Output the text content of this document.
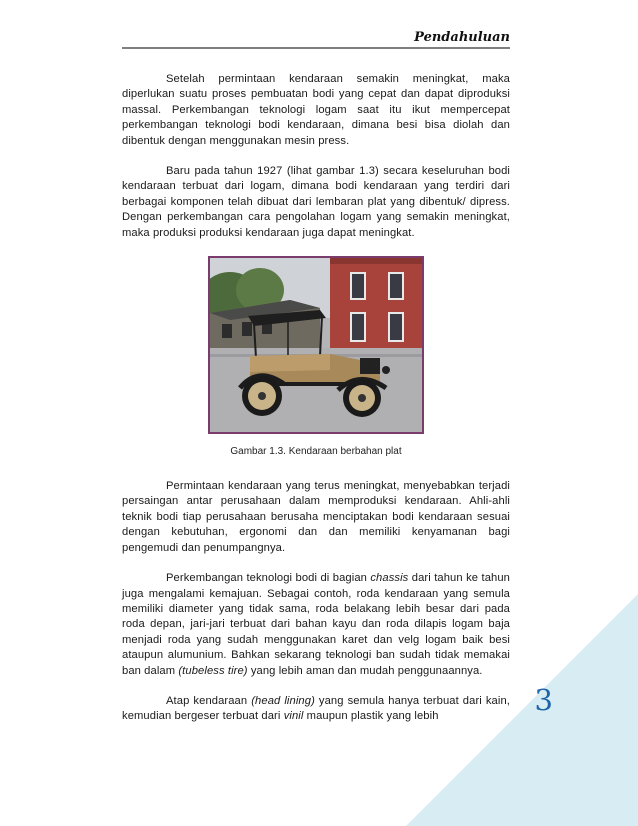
Pendahuluan

Setelah permintaan kendaraan semakin meningkat, maka diperlukan suatu proses pembuatan bodi yang cepat dan dapat diproduksi massal. Perkembangan teknologi logam saat itu ikut mempercepat perkembangan teknologi bodi kendaraan, dimana besi bisa diolah dan dibentuk dengan menggunakan mesin press.

Baru pada tahun 1927 (lihat gambar 1.3) secara keseluruhan bodi kendaraan terbuat dari logam, dimana bodi kendaraan yang terdiri dari berbagai komponen telah dibuat dari lembaran plat yang dibentuk/ dipress. Dengan perkembangan cara pengolahan logam yang semakin meningkat, maka produksi produksi kendaraan juga dapat meningkat.

Gambar 1.3. Kendaraan berbahan plat

Permintaan kendaraan yang terus meningkat, menyebabkan terjadi persaingan antar perusahaan dalam memproduksi kendaraan. Ahli-ahli teknik bodi tiap perusahaan berusaha menciptakan bodi kendaraan sesuai dengan kebutuhan, ergonomi dan dan memiliki kenyamanan bagi pengemudi dan penumpangnya.

Perkembangan teknologi bodi di bagian chassis dari tahun ke tahun juga mengalami kemajuan. Sebagai contoh, roda kendaraan yang semula memiliki diameter yang tidak sama, roda belakang lebih besar dari pada roda depan, jari-jari terbuat dari bahan kayu dan roda dilapis logam baja menjadi roda yang sudah menggunakan karet dan velg logam baik besi ataupun alumunium. Bahkan sekarang teknologi ban sudah tidak memakai ban dalam (tubeless tire) yang lebih aman dan mudah penggunaannya.

Atap kendaraan (head lining) yang semula hanya terbuat dari kain, kemudian bergeser terbuat dari vinil maupun plastik yang lebih	3
